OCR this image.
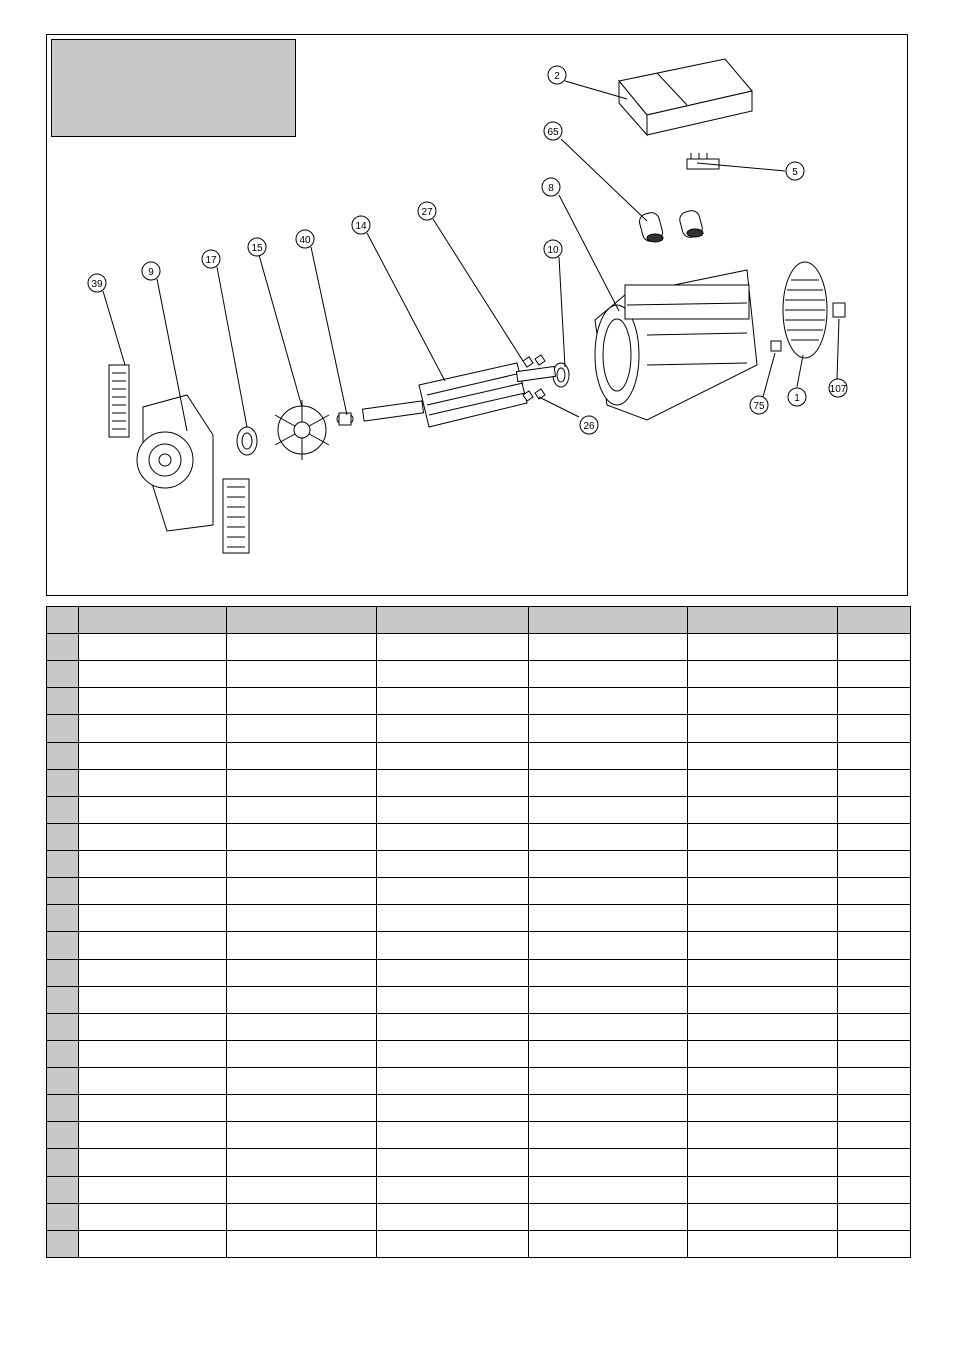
2
65
5
8
10
27
14
40
15
17
9
39
26
75
1
107
